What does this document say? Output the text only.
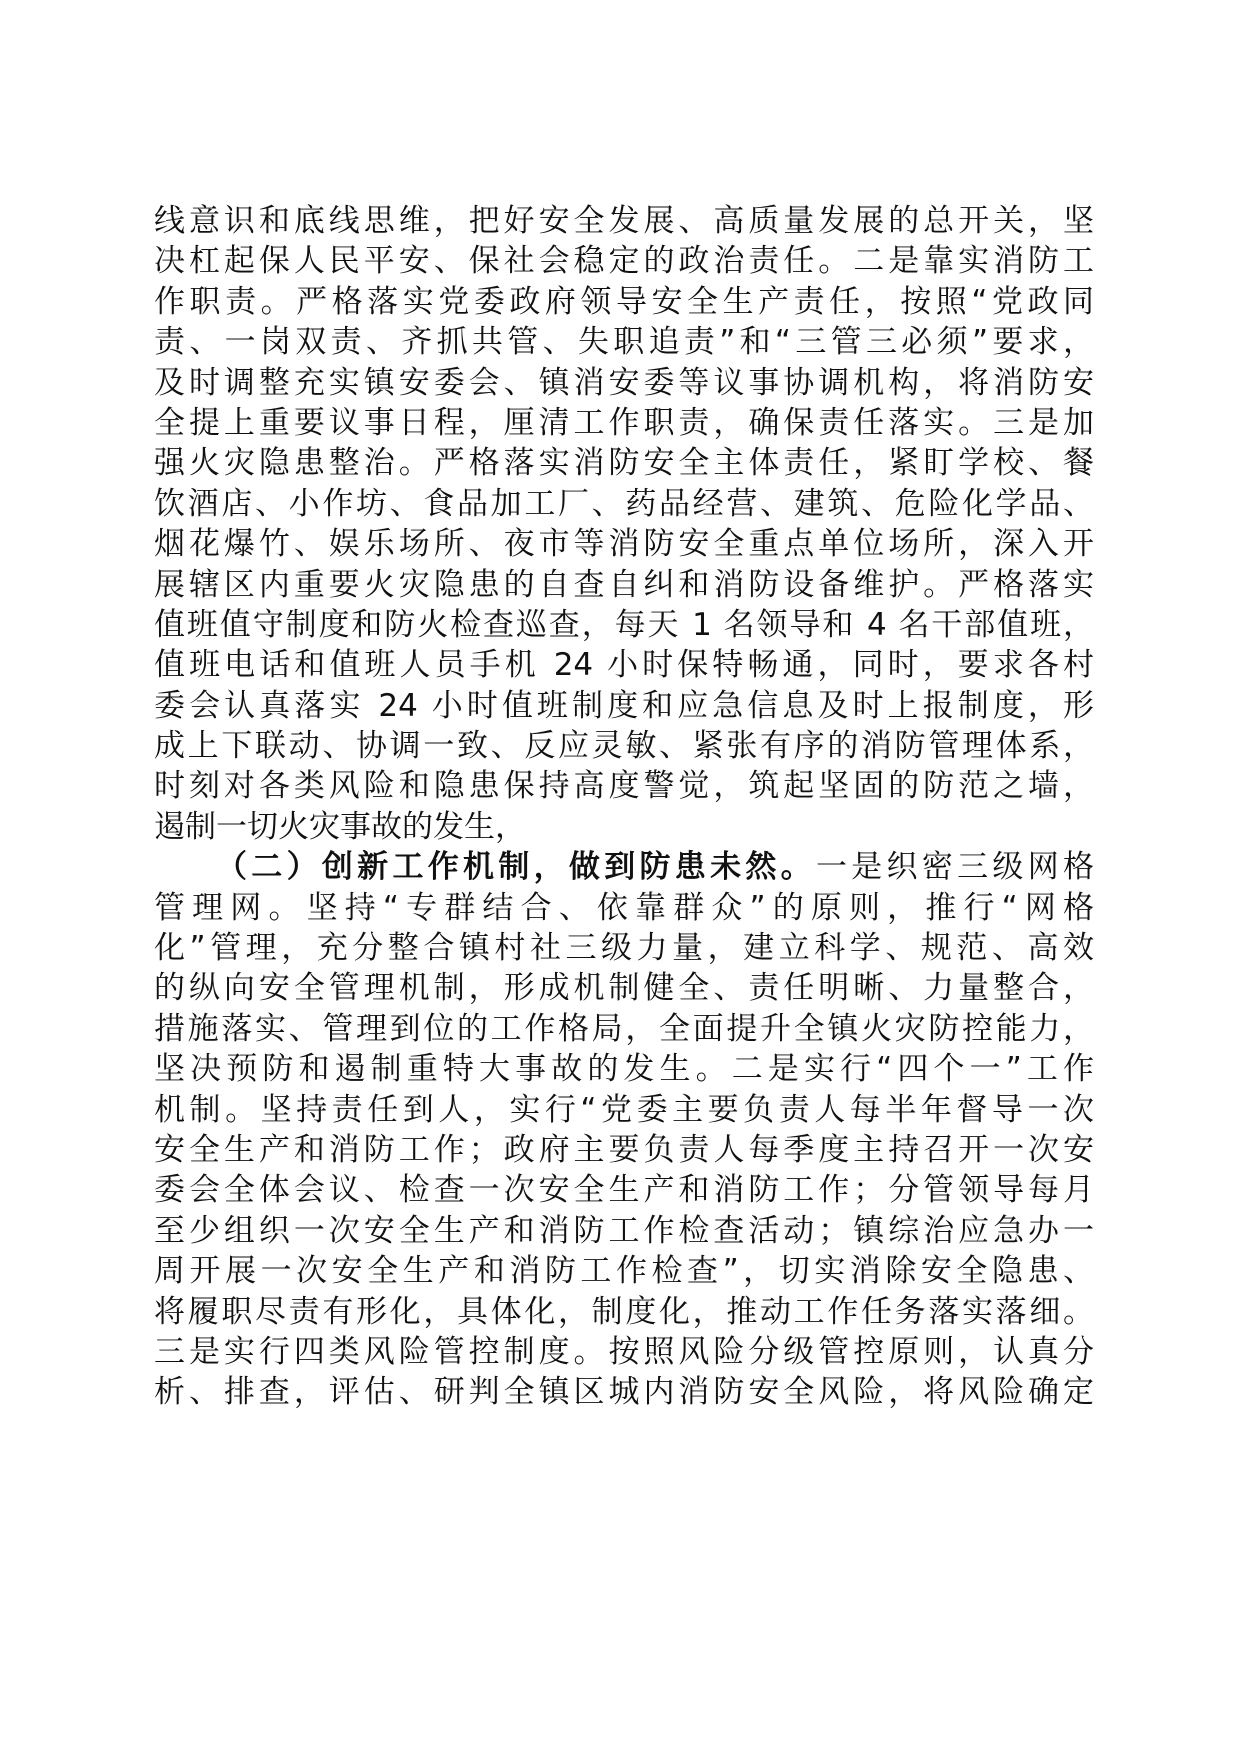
线意识和底线思维，把好安全发展、高质量发展的总开关，坚
决杠起保人民平安、保社会稳定的政治责任。二是靠实消防工
作职责。严格落实党委政府领导安全生产责任，按照“党政同
责、一岗双责、齐抓共管、失职追责”和“三管三必须”要求，
及时调整充实镇安委会、镇消安委等议事协调机构，将消防安
全提上重要议事日程，厘清工作职责，确保责任落实。三是加
强火灾隐患整治。严格落实消防安全主体责任，紧盯学校、餐
饮酒店、小作坊、食品加工厂、药品经营、建筑、危险化学品、
烟花爆竹、娱乐场所、夜市等消防安全重点单位场所，深入开
展辖区内重要火灾隐患的自查自纠和消防设备维护。严格落实
值班值守制度和防火检查巡查，每天 1 名领导和 4 名干部值班，
值班电话和值班人员手机 24 小时保特畅通，同时，要求各村
委会认真落实 24 小时值班制度和应急信息及时上报制度，形
成上下联动、协调一致、反应灵敏、紧张有序的消防管理体系，
时刻对各类风险和隐患保持高度警觉，筑起坚固的防范之墙，
遏制一切火灾事故的发生，
（二）创新工作机制，做到防患未然。一是织密三级网格
管理网。坚持“专群结合、依靠群众”的原则，推行“网格
化”管理，充分整合镇村社三级力量，建立科学、规范、高效
的纵向安全管理机制，形成机制健全、责任明晰、力量整合，
措施落实、管理到位的工作格局，全面提升全镇火灾防控能力，
坚决预防和遏制重特大事故的发生。二是实行“四个一”工作
机制。坚持责任到人，实行“党委主要负责人每半年督导一次
安全生产和消防工作；政府主要负责人每季度主持召开一次安
委会全体会议、检查一次安全生产和消防工作；分管领导每月
至少组织一次安全生产和消防工作检查活动；镇综治应急办一
周开展一次安全生产和消防工作检查”，切实消除安全隐患、
将履职尽责有形化，具体化，制度化，推动工作任务落实落细。
三是实行四类风险管控制度。按照风险分级管控原则，认真分
析、排查，评估、研判全镇区城内消防安全风险，将风险确定
